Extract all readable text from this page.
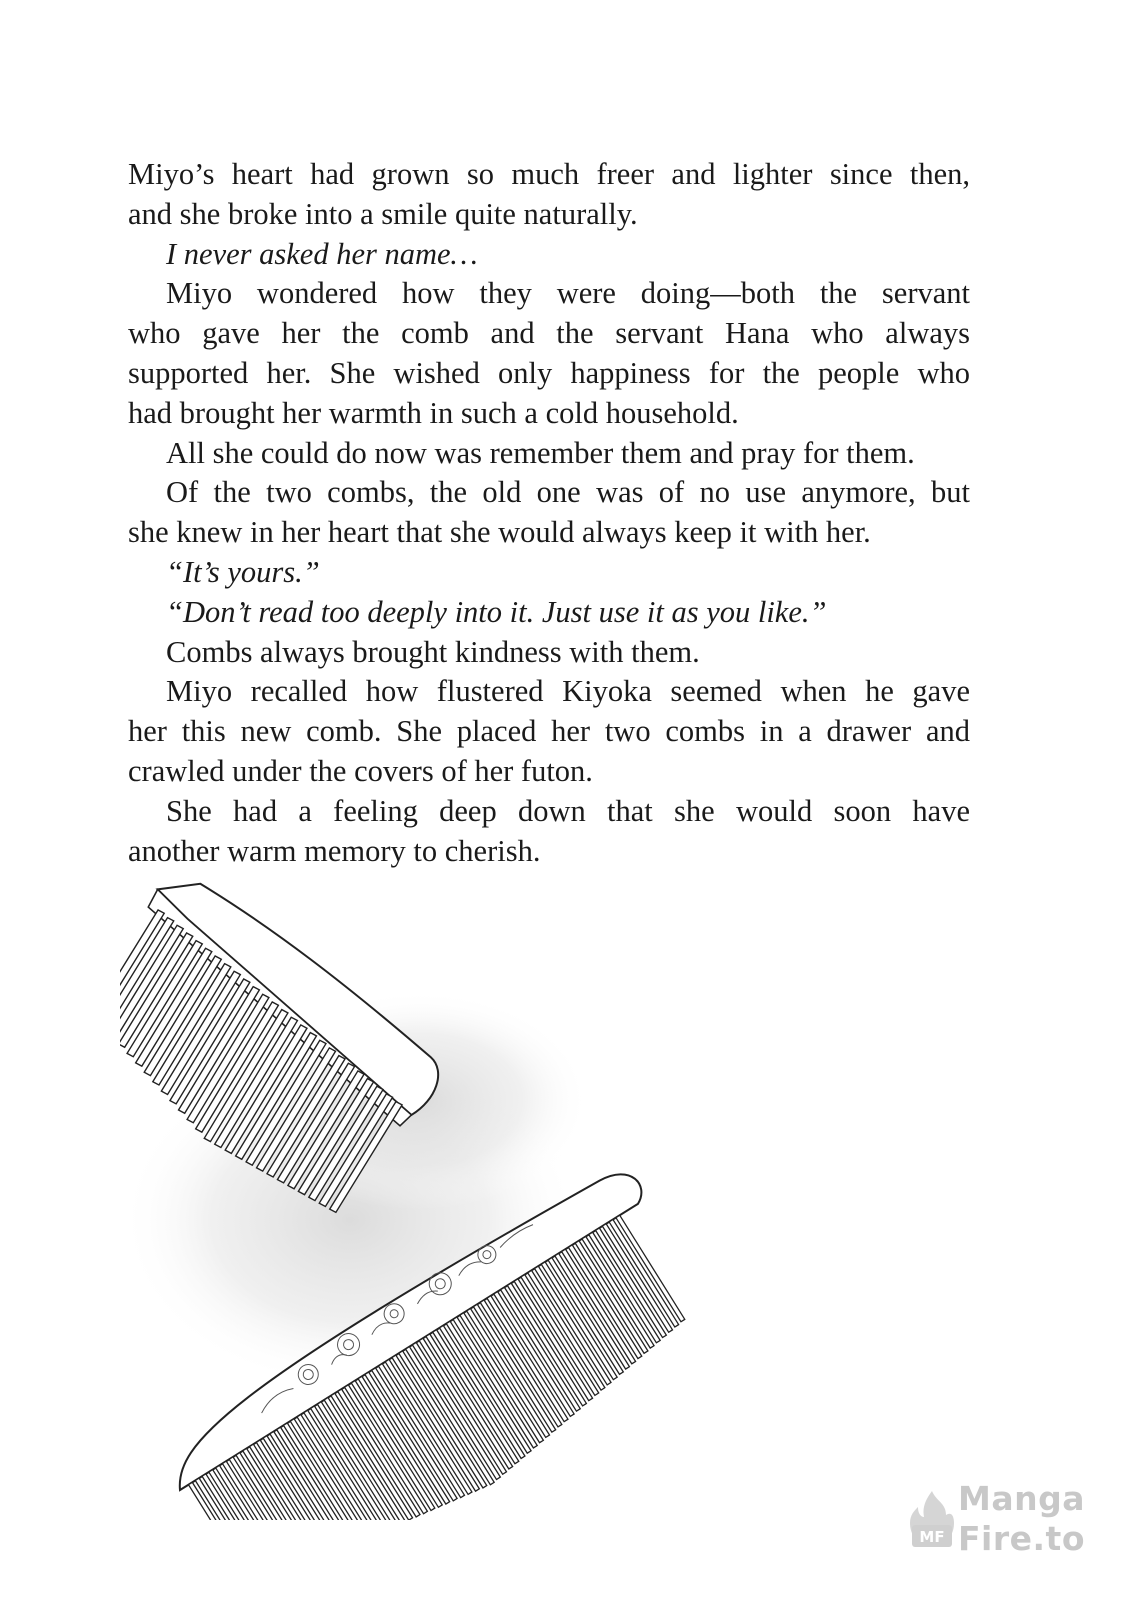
Miyo’s heart had grown so much freer and lighter since then,
and she broke into a smile quite naturally.
I never asked her name…
Miyo wondered how they were doing—both the servant
who gave her the comb and the servant Hana who always
supported her. She wished only happiness for the people who
had brought her warmth in such a cold household.
All she could do now was remember them and pray for them.
Of the two combs, the old one was of no use anymore, but
she knew in her heart that she would always keep it with her.
“It’s yours.”
“Don’t read too deeply into it. Just use it as you like.”
Combs always brought kindness with them.
Miyo recalled how flustered Kiyoka seemed when he gave
her this new comb. She placed her two combs in a drawer and
crawled under the covers of her futon.
She had a feeling deep down that she would soon have
another warm memory to cherish.
MF
Manga
Fire.to
